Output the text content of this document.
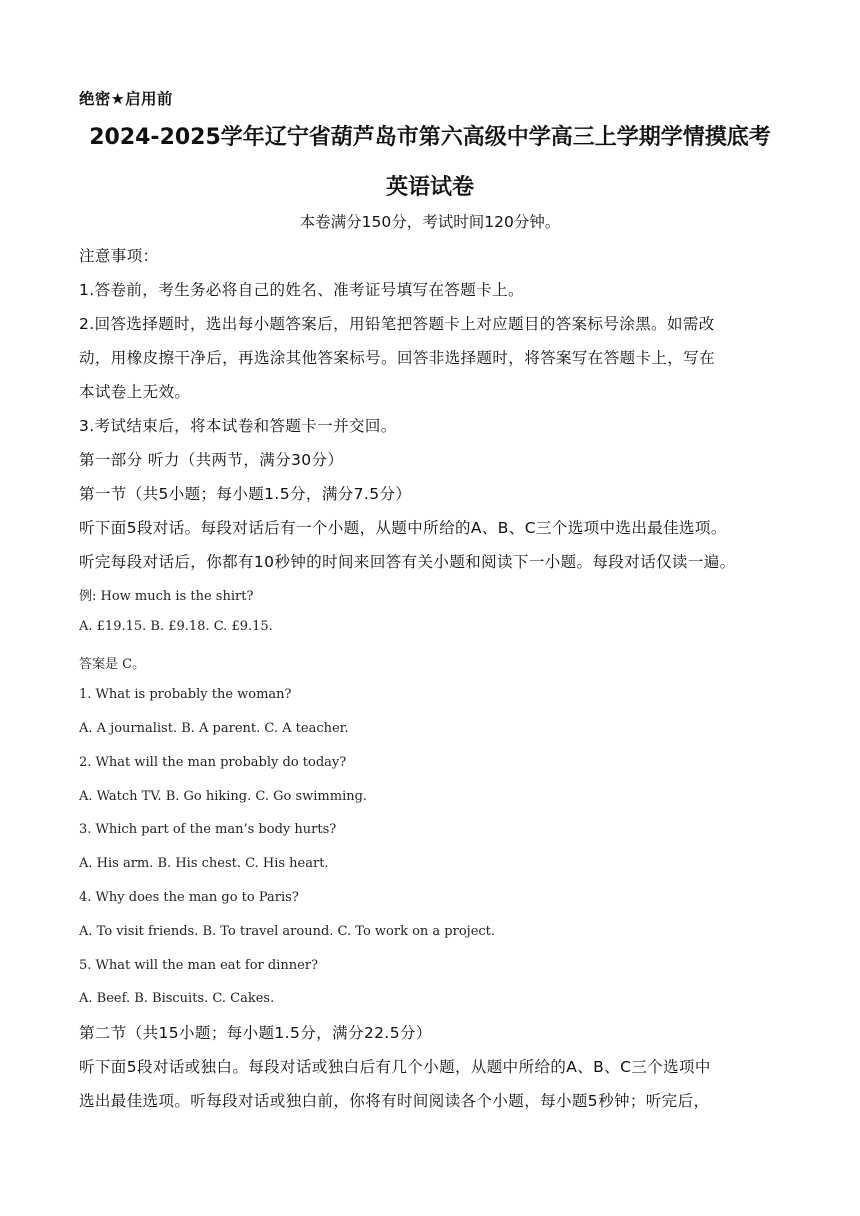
绝密★启用前
2024-2025学年辽宁省葫芦岛市第六高级中学高三上学期学情摸底考
英语试卷
本卷满分150分，考试时间120分钟。
注意事项：
1.答卷前，考生务必将自己的姓名、准考证号填写在答题卡上。
2.回答选择题时，选出每小题答案后，用铅笔把答题卡上对应题目的答案标号涂黑。如需改
动，用橡皮擦干净后，再选涂其他答案标号。回答非选择题时，将答案写在答题卡上，写在
本试卷上无效。
3.考试结束后，将本试卷和答题卡一并交回。
第一部分 听力（共两节，满分30分）
第一节（共5小题；每小题1.5分，满分7.5分）
听下面5段对话。每段对话后有一个小题，从题中所给的A、B、C三个选项中选出最佳选项。
听完每段对话后，你都有10秒钟的时间来回答有关小题和阅读下一小题。每段对话仅读一遍。
例: How much is the shirt?
A. £19.15. B. £9.18. C. £9.15.
答案是 C。
1. What is probably the woman?
A. A journalist. B. A parent. C. A teacher.
2. What will the man probably do today?
A. Watch TV. B. Go hiking. C. Go swimming.
3. Which part of the man’s body hurts?
A. His arm. B. His chest. C. His heart.
4. Why does the man go to Paris?
A. To visit friends. B. To travel around. C. To work on a project.
5. What will the man eat for dinner?
A. Beef. B. Biscuits. C. Cakes.
第二节（共15小题；每小题1.5分，满分22.5分）
听下面5段对话或独白。每段对话或独白后有几个小题，从题中所给的A、B、C三个选项中
选出最佳选项。听每段对话或独白前，你将有时间阅读各个小题，每小题5秒钟；听完后，
